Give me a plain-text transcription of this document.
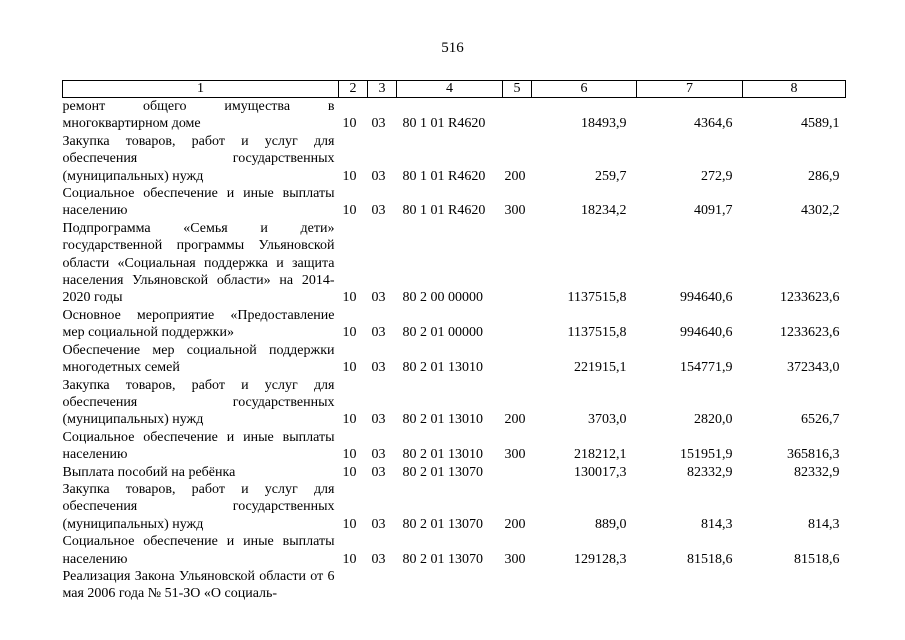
516
1	2	3	4	5	6	7	8
ремонт общего имущества в многоквартирном доме	10	03	80 1 01 R4620		18493,9	4364,6	4589,1
Закупка товаров, работ и услуг для обеспечения государственных (муниципальных) нужд	10	03	80 1 01 R4620	200	259,7	272,9	286,9
Социальное обеспечение и иные выплаты населению	10	03	80 1 01 R4620	300	18234,2	4091,7	4302,2
Подпрограмма «Семья и дети» государственной программы Ульяновской области «Социальная поддержка и защита населения Ульяновской области» на 2014-2020 годы	10	03	80 2 00 00000		1137515,8	994640,6	1233623,6
Основное мероприятие «Предоставление мер социальной поддержки»	10	03	80 2 01 00000		1137515,8	994640,6	1233623,6
Обеспечение мер социальной поддержки многодетных семей	10	03	80 2 01 13010		221915,1	154771,9	372343,0
Закупка товаров, работ и услуг для обеспечения государственных (муниципальных) нужд	10	03	80 2 01 13010	200	3703,0	2820,0	6526,7
Социальное обеспечение и иные выплаты населению	10	03	80 2 01 13010	300	218212,1	151951,9	365816,3
Выплата пособий на ребёнка	10	03	80 2 01 13070		130017,3	82332,9	82332,9
Закупка товаров, работ и услуг для обеспечения государственных (муниципальных) нужд	10	03	80 2 01 13070	200	889,0	814,3	814,3
Социальное обеспечение и иные выплаты населению	10	03	80 2 01 13070	300	129128,3	81518,6	81518,6
Реализация Закона Ульяновской области от 6 мая 2006 года № 51-ЗО «О социаль-							
